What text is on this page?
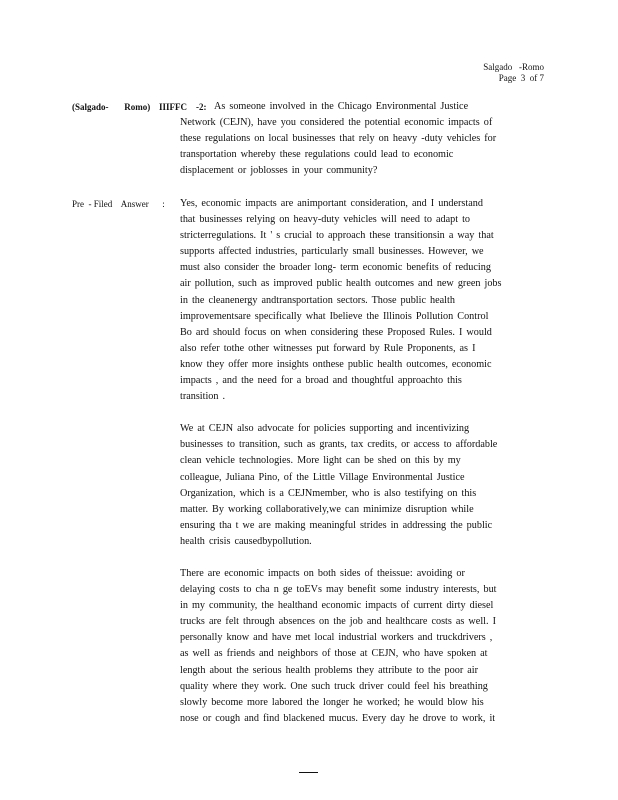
Salgado   -Romo
Page  3  of 7
(Salgado-       Romo) IIIFFC    -2: As someone involved in the Chicago Environmental Justice
Network (CEJN), have you considered the potential economic impacts of
these regulations on local businesses that rely on heavy -duty vehicles for
transportation whereby these regulations could lead to economic
displacement or joblosses in your community?
Pre  - Filed    Answer      : Yes, economic impacts are animportant consideration, and I understand
that businesses relying on heavy-duty vehicles will need to adapt to
stricterregulations. It ' s crucial to approach these transitionsin a way that
supports affected industries, particularly small businesses. However, we
must also consider the broader long- term economic benefits of reducing
air pollution, such as improved public health outcomes and new green jobs
in the cleanenergy andtransportation sectors. Those public health
improvementsare specifically what Ibelieve the Illinois Pollution Control
Bo ard should focus on when considering these Proposed Rules. I would
also refer tothe other witnesses put forward by Rule Proponents, as I
know they offer more insights onthese public health outcomes, economic
impacts , and the need for a broad and thoughtful approachto this
transition .
We at CEJN also advocate for policies supporting and incentivizing
businesses to transition, such as grants, tax credits, or access to affordable
clean vehicle technologies. More light can be shed on this by my
colleague, Juliana Pino, of the Little Village Environmental Justice
Organization, which is a CEJNmember, who is also testifying on this
matter. By working collaboratively,we can minimize disruption while
ensuring tha t we are making meaningful strides in addressing the public
health crisis causedbypollution.
There are economic impacts on both sides of theissue: avoiding or
delaying costs to cha n ge toEVs may benefit some industry interests, but
in my community, the healthand economic impacts of current dirty diesel
trucks are felt through absences on the job and healthcare costs as well. I
personally know and have met local industrial workers and truckdrivers ,
as well as friends and neighbors of those at CEJN, who have spoken at
length about the serious health problems they attribute to the poor air
quality where they work. One such truck driver could feel his breathing
slowly become more labored the longer he worked; he would blow his
nose or cough and find blackened mucus. Every day he drove to work, it
